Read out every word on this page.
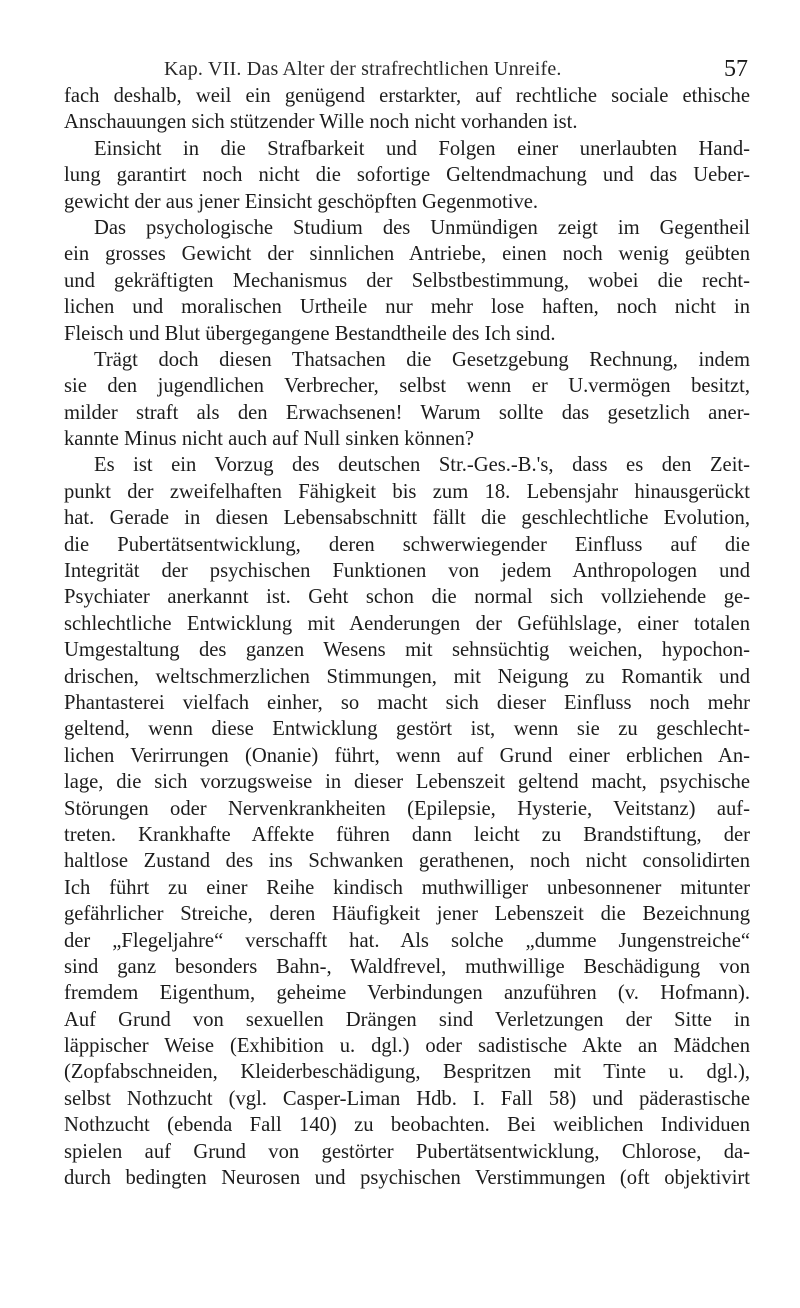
Kap. VII. Das Alter der strafrechtlichen Unreife.	57
fach deshalb, weil ein genügend erstarkter, auf rechtliche sociale ethische
Anschauungen sich stützender Wille noch nicht vorhanden ist.
Einsicht in die Strafbarkeit und Folgen einer unerlaubten Hand-
lung garantirt noch nicht die sofortige Geltendmachung und das Ueber-
gewicht der aus jener Einsicht geschöpften Gegenmotive.
Das psychologische Studium des Unmündigen zeigt im Gegentheil
ein grosses Gewicht der sinnlichen Antriebe, einen noch wenig geübten
und gekräftigten Mechanismus der Selbstbestimmung, wobei die recht-
lichen und moralischen Urtheile nur mehr lose haften, noch nicht in
Fleisch und Blut übergegangene Bestandtheile des Ich sind.
Trägt doch diesen Thatsachen die Gesetzgebung Rechnung, indem
sie den jugendlichen Verbrecher, selbst wenn er U.vermögen besitzt,
milder straft als den Erwachsenen! Warum sollte das gesetzlich aner-
kannte Minus nicht auch auf Null sinken können?
Es ist ein Vorzug des deutschen Str.-Ges.-B.'s, dass es den Zeit-
punkt der zweifelhaften Fähigkeit bis zum 18. Lebensjahr hinausgerückt
hat. Gerade in diesen Lebensabschnitt fällt die geschlechtliche Evolution,
die Pubertätsentwicklung, deren schwerwiegender Einfluss auf die
Integrität der psychischen Funktionen von jedem Anthropologen und
Psychiater anerkannt ist. Geht schon die normal sich vollziehende ge-
schlechtliche Entwicklung mit Aenderungen der Gefühlslage, einer totalen
Umgestaltung des ganzen Wesens mit sehnsüchtig weichen, hypochon-
drischen, weltschmerzlichen Stimmungen, mit Neigung zu Romantik und
Phantasterei vielfach einher, so macht sich dieser Einfluss noch mehr
geltend, wenn diese Entwicklung gestört ist, wenn sie zu geschlecht-
lichen Verirrungen (Onanie) führt, wenn auf Grund einer erblichen An-
lage, die sich vorzugsweise in dieser Lebenszeit geltend macht, psychische
Störungen oder Nervenkrankheiten (Epilepsie, Hysterie, Veitstanz) auf-
treten. Krankhafte Affekte führen dann leicht zu Brandstiftung, der
haltlose Zustand des ins Schwanken gerathenen, noch nicht consolidirten
Ich führt zu einer Reihe kindisch muthwilliger unbesonnener mitunter
gefährlicher Streiche, deren Häufigkeit jener Lebenszeit die Bezeichnung
der „Flegeljahre“ verschafft hat. Als solche „dumme Jungenstreiche“
sind ganz besonders Bahn-, Waldfrevel, muthwillige Beschädigung von
fremdem Eigenthum, geheime Verbindungen anzuführen (v. Hofmann).
Auf Grund von sexuellen Drängen sind Verletzungen der Sitte in
läppischer Weise (Exhibition u. dgl.) oder sadistische Akte an Mädchen
(Zopfabschneiden, Kleiderbeschädigung, Bespritzen mit Tinte u. dgl.),
selbst Nothzucht (vgl. Casper-Liman Hdb. I. Fall 58) und päderastische
Nothzucht (ebenda Fall 140) zu beobachten. Bei weiblichen Individuen
spielen auf Grund von gestörter Pubertätsentwicklung, Chlorose, da-
durch bedingten Neurosen und psychischen Verstimmungen (oft objektivirt
